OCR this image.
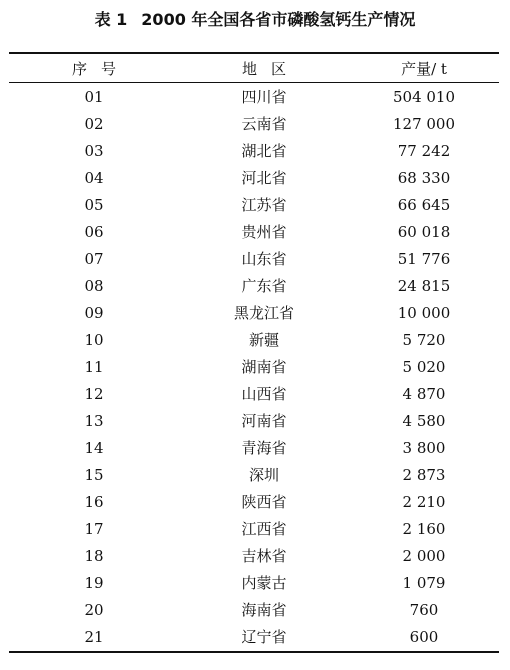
表 1 2000 年全国各省市磷酸氢钙生产情况
序号	地区	产量/ t
01	四川省	504 010
02	云南省	127 000
03	湖北省	77 242
04	河北省	68 330
05	江苏省	66 645
06	贵州省	60 018
07	山东省	51 776
08	广东省	24 815
09	黑龙江省	10 000
10	新疆	5 720
11	湖南省	5 020
12	山西省	4 870
13	河南省	4 580
14	青海省	3 800
15	深圳	2 873
16	陕西省	2 210
17	江西省	2 160
18	吉林省	2 000
19	内蒙古	1 079
20	海南省	760
21	辽宁省	600
